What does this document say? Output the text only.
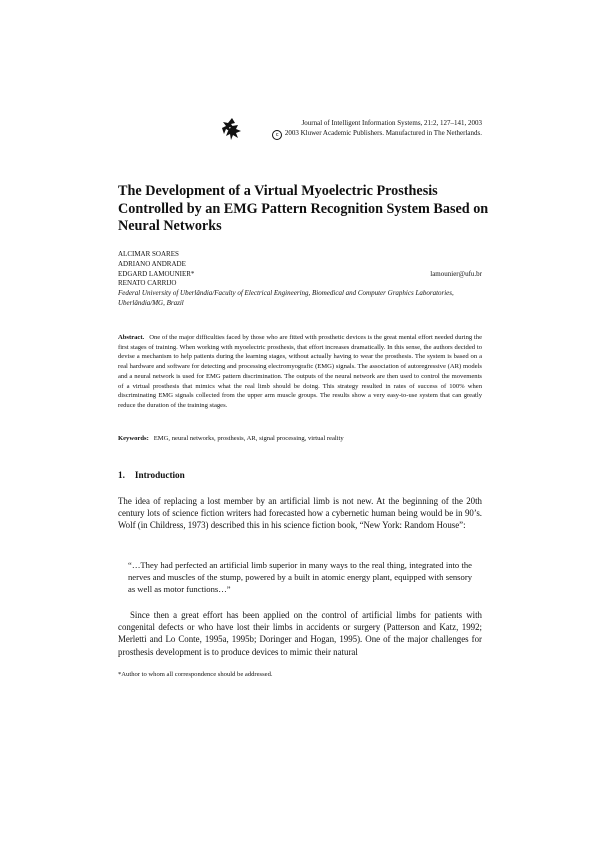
Journal of Intelligent Information Systems, 21:2, 127–141, 2003
c 2003 Kluwer Academic Publishers. Manufactured in The Netherlands.
The Development of a Virtual Myoelectric Prosthesis Controlled by an EMG Pattern Recognition System Based on Neural Networks
ALCIMAR SOARES
ADRIANO ANDRADE
EDGARD LAMOUNIER*	lamounier@ufu.br
RENATO CARRIJO
Federal University of Uberlândia/Faculty of Electrical Engineering, Biomedical and Computer Graphics Laboratories, Uberlândia/MG, Brazil

Abstract. One of the major difficulties faced by those who are fitted with prosthetic devices is the great mental effort needed during the first stages of training. When working with myoelectric prosthesis, that effort increases dramatically. In this sense, the authors decided to devise a mechanism to help patients during the learning stages, without actually having to wear the prosthesis. The system is based on a real hardware and software for detecting and processing electromyografic (EMG) signals. The association of autoregressive (AR) models and a neural network is used for EMG pattern discrimination. The outputs of the neural network are then used to control the movements of a virtual prosthesis that mimics what the real limb should be doing. This strategy resulted in rates of success of 100% when discriminating EMG signals collected from the upper arm muscle groups. The results show a very easy-to-use system that can greatly reduce the duration of the training stages.

Keywords: EMG, neural networks, prosthesis, AR, signal processing, virtual reality
1. Introduction

The idea of replacing a lost member by an artificial limb is not new. At the beginning of the 20th century lots of science fiction writers had forecasted how a cybernetic human being would be in 90’s. Wolf (in Childress, 1973) described this in his science fiction book, “New York: Random House”:

“…They had perfected an artificial limb superior in many ways to the real thing, integrated into the nerves and muscles of the stump, powered by a built in atomic energy plant, equipped with sensory as well as motor functions…”

Since then a great effort has been applied on the control of artificial limbs for patients with congenital defects or who have lost their limbs in accidents or surgery (Patterson and Katz, 1992; Merletti and Lo Conte, 1995a, 1995b; Doringer and Hogan, 1995). One of the major challenges for prosthesis development is to produce devices to mimic their natural

*Author to whom all correspondence should be addressed.
